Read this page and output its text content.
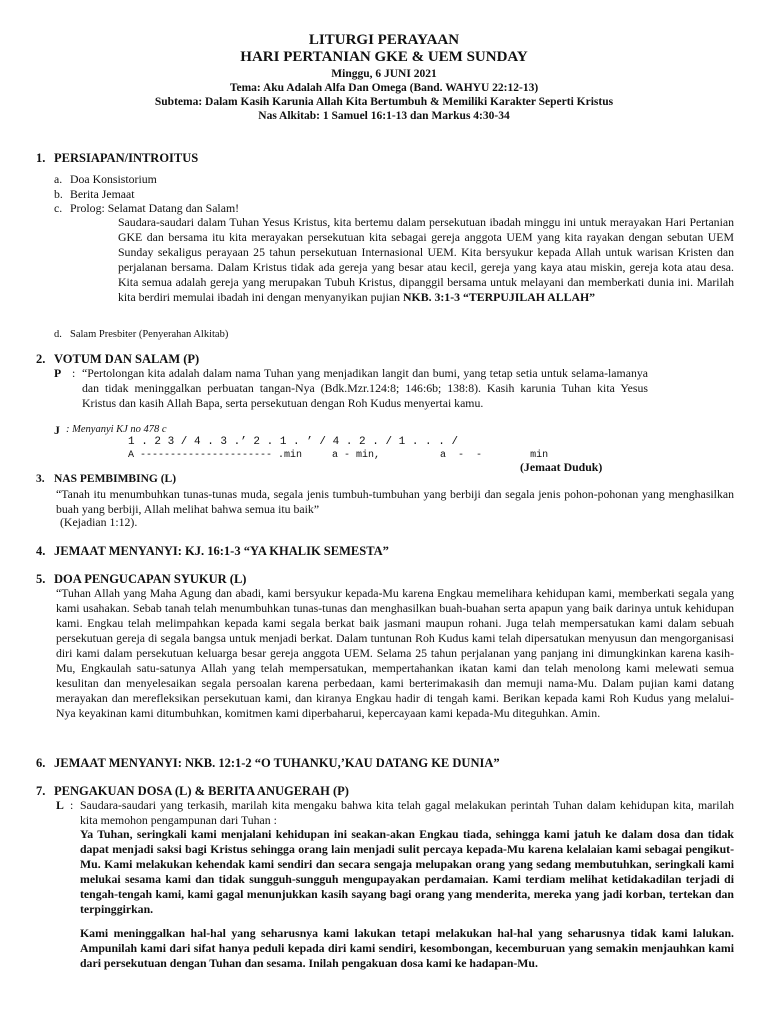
LITURGI PERAYAAN
HARI PERTANIAN GKE & UEM SUNDAY
Minggu, 6 JUNI 2021
Tema: Aku Adalah Alfa Dan Omega (Band. WAHYU 22:12-13)
Subtema: Dalam Kasih Karunia Allah Kita Bertumbuh & Memiliki Karakter Seperti Kristus
Nas Alkitab: 1 Samuel 16:1-13 dan Markus 4:30-34
1. PERSIAPAN/INTROITUS
a. Doa Konsistorium
b. Berita Jemaat
c. Prolog: Selamat Datang dan Salam!
Saudara-saudari dalam Tuhan Yesus Kristus, kita bertemu dalam persekutuan ibadah minggu ini untuk merayakan Hari Pertanian GKE dan bersama itu kita merayakan persekutuan kita sebagai gereja anggota UEM yang kita rayakan dengan sebutan UEM Sunday sekaligus perayaan 25 tahun persekutuan Internasional UEM. Kita bersyukur kepada Allah untuk warisan Kristen dan perjalanan bersama. Dalam Kristus tidak ada gereja yang besar atau kecil, gereja yang kaya atau miskin, gereja kota atau desa. Kita semua adalah gereja yang merupakan Tubuh Kristus, dipanggil bersama untuk melayani dan memberkati dunia ini. Marilah kita berdiri memulai ibadah ini dengan menyanyikan pujian NKB. 3:1-3 “TERPUJILAH ALLAH”
d. Salam Presbiter (Penyerahan Alkitab)
2. VOTUM DAN SALAM (P)
P : “Pertolongan kita adalah dalam nama Tuhan yang menjadikan langit dan bumi, yang tetap setia untuk selama-lamanya dan tidak meninggalkan perbuatan tangan-Nya (Bdk.Mzr.124:8; 146:6b; 138:8). Kasih karunia Tuhan kita Yesus Kristus dan kasih Allah Bapa, serta persekutuan dengan Roh Kudus menyertai kamu.
J : Menyanyi KJ no 478 c
1 . 2 3 / 4 . 3 .’ 2 . 1 . ’ / 4 . 2 . / 1 . . . /
A ---------------------- .min     a - min,          a  -  -        min
(Jemaat Duduk)
3. NAS PEMBIMBING (L)
“Tanah itu menumbuhkan tunas-tunas muda, segala jenis tumbuh-tumbuhan yang berbiji dan segala jenis pohon-pohonan yang menghasilkan buah yang berbiji, Allah melihat bahwa semua itu baik”
(Kejadian 1:12).
4. JEMAAT MENYANYI: KJ. 16:1-3 “YA KHALIK SEMESTA”
5. DOA PENGUCAPAN SYUKUR (L)
“Tuhan Allah yang Maha Agung dan abadi, kami bersyukur kepada-Mu karena Engkau memelihara kehidupan kami, memberkati segala yang kami usahakan. Sebab tanah telah menumbuhkan tunas-tunas dan menghasilkan buah-buahan serta apapun yang baik darinya untuk kehidupan kami. Engkau telah melimpahkan kepada kami segala berkat baik jasmani maupun rohani. Juga telah mempersatukan kami dalam sebuah persekutuan gereja di segala bangsa untuk menjadi berkat. Dalam tuntunan Roh Kudus kami telah dipersatukan menyusun dan mengorganisasi diri kami dalam persekutuan keluarga besar gereja anggota UEM. Selama 25 tahun perjalanan yang panjang ini dimungkinkan karena kasih-Mu, Engkaulah satu-satunya Allah yang telah mempersatukan, mempertahankan ikatan kami dan telah menolong kami melewati semua kesulitan dan menyelesaikan segala persoalan karena perbedaan, kami berterimakasih dan memuji nama-Mu. Dalam pujian kami datang merayakan dan merefleksikan persekutuan kami, dan kiranya Engkau hadir di tengah kami. Berikan kepada kami Roh Kudus yang melalui-Nya keyakinan kami ditumbuhkan, komitmen kami diperbaharui, kepercayaan kami kepada-Mu diteguhkan. Amin.
6. JEMAAT MENYANYI: NKB. 12:1-2 “O TUHANKU,’KAU DATANG KE DUNIA”
7. PENGAKUAN DOSA (L) & BERITA ANUGERAH (P)
L : Saudara-saudari yang terkasih, marilah kita mengaku bahwa kita telah gagal melakukan perintah Tuhan dalam kehidupan kita, marilah kita memohon pengampunan dari Tuhan :
Ya Tuhan, seringkali kami menjalani kehidupan ini seakan-akan Engkau tiada, sehingga kami jatuh ke dalam dosa dan tidak dapat menjadi saksi bagi Kristus sehingga orang lain menjadi sulit percaya kepada-Mu karena kelalaian kami sebagai pengikut-Mu. Kami melakukan kehendak kami sendiri dan secara sengaja melupakan orang yang sedang membutuhkan, seringkali kami melukai sesama kami dan tidak sungguh-sungguh mengupayakan perdamaian. Kami terdiam melihat ketidakadilan terjadi di tengah-tengah kami, kami gagal menunjukkan kasih sayang bagi orang yang menderita, mereka yang jadi korban, tertekan dan terpinggirkan.
Kami meninggalkan hal-hal yang seharusnya kami lakukan tetapi melakukan hal-hal yang seharusnya tidak kami lalukan. Ampunilah kami dari sifat hanya peduli kepada diri kami sendiri, kesombongan, kecemburuan yang semakin menjauhkan kami dari persekutuan dengan Tuhan dan sesama. Inilah pengakuan dosa kami ke hadapan-Mu.
